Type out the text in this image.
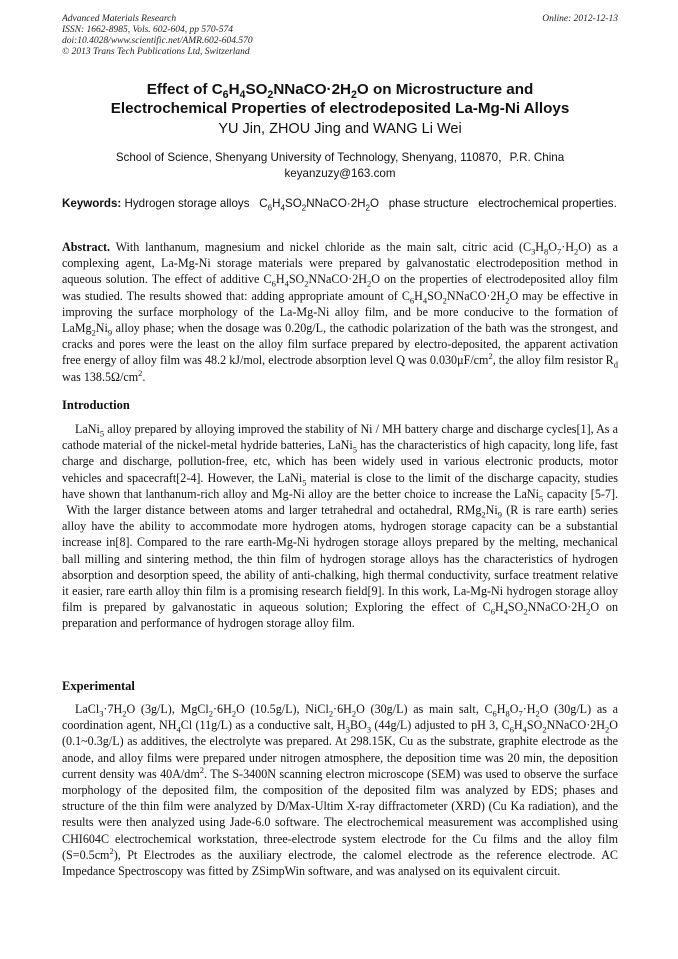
Advanced Materials Research
ISSN: 1662-8985, Vols. 602-604, pp 570-574
doi:10.4028/www.scientific.net/AMR.602-604.570
© 2013 Trans Tech Publications Ltd, Switzerland
Online: 2012-12-13
Effect of $C_6H_4SO_2NNaCO\cdot 2H_2O$ on Microstructure and
Electrochemical Properties of electrodeposited La-Mg-Ni Alloys
YU Jin, ZHOU Jing and WANG Li Wei
School of Science, Shenyang University of Technology, Shenyang, 110870，P.R. China
keyanzuzy@163.com
Keywords: Hydrogen storage alloys   $C_6H_4SO_2NNaCO\cdot 2H_2O$   phase structure   electrochemical properties.
Abstract. With lanthanum, magnesium and nickel chloride as the main salt, citric acid $(C_3H_8O_7\cdot H_2O)$ as a complexing agent, La-Mg-Ni storage materials were prepared by galvanostatic electrodeposition method in aqueous solution. The effect of additive $C_6H_4SO_2NNaCO\cdot 2H_2O$ on the properties of electrodeposited alloy film was studied. The results showed that: adding appropriate amount of $C_6H_4SO_2NNaCO\cdot 2H_2O$ may be effective in improving the surface morphology of the La-Mg-Ni alloy film, and be more conducive to the formation of $LaMg_2Ni_9$ alloy phase; when the dosage was 0.20g/L, the cathodic polarization of the bath was the strongest, and cracks and pores were the least on the alloy film surface prepared by electro-deposited, the apparent activation free energy of alloy film was 48.2 kJ/mol, electrode absorption level Q was $0.030\mu F/cm^2$, the alloy film resistor $R_d$ was $138.5\Omega/cm^2$.
Introduction
LaNi$_5$ alloy prepared by alloying improved the stability of Ni / MH battery charge and discharge cycles[1], As a cathode material of the nickel-metal hydride batteries, LaNi$_5$ has the characteristics of high capacity, long life, fast charge and discharge, pollution-free, etc, which has been widely used in various electronic products, motor vehicles and spacecraft[2-4]. However, the LaNi$_5$ material is close to the limit of the discharge capacity, studies have shown that lanthanum-rich alloy and Mg-Ni alloy are the better choice to increase the LaNi$_5$ capacity [5-7].  With the larger distance between atoms and larger tetrahedral and octahedral, $RMg_2Ni_9$ (R is rare earth) series alloy have the ability to accommodate more hydrogen atoms, hydrogen storage capacity can be a substantial increase in[8]. Compared to the rare earth-Mg-Ni hydrogen storage alloys prepared by the melting, mechanical ball milling and sintering method, the thin film of hydrogen storage alloys has the characteristics of hydrogen absorption and desorption speed, the ability of anti-chalking, high thermal conductivity, surface treatment relative it easier, rare earth alloy thin film is a promising research field[9]. In this work, La-Mg-Ni hydrogen storage alloy film is prepared by galvanostatic in aqueous solution; Exploring the effect of $C_6H_4SO_2NNaCO\cdot 2H_2O$ on preparation and performance of hydrogen storage alloy film.
Experimental
$LaCl_3\cdot 7H_2O$ (3g/L), $MgCl_2\cdot 6H_2O$ (10.5g/L), $NiCl_2\cdot 6H_2O$ (30g/L) as main salt, $C_6H_8O_7\cdot H_2O$ (30g/L) as a coordination agent, $NH_4Cl$ (11g/L) as a conductive salt, $H_3BO_3$ (44g/L) adjusted to pH 3, $C_6H_4SO_2NNaCO\cdot 2H_2O$ (0.1~0.3g/L) as additives, the electrolyte was prepared. At 298.15K, Cu as the substrate, graphite electrode as the anode, and alloy films were prepared under nitrogen atmosphere, the deposition time was 20 min, the deposition current density was $40A/dm^2$. The S-3400N scanning electron microscope (SEM) was used to observe the surface morphology of the deposited film, the composition of the deposited film was analyzed by EDS; phases and structure of the thin film were analyzed by D/Max-Ultim X-ray diffractometer (XRD) (Cu Ka radiation), and the results were then analyzed using Jade-6.0 software. The electrochemical measurement was accomplished using CHI604C electrochemical workstation, three-electrode system electrode for the Cu films and the alloy film $(S=0.5cm^2)$, Pt Electrodes as the auxiliary electrode, the calomel electrode as the reference electrode. AC Impedance Spectroscopy was fitted by ZSimpWin software, and was analysed on its equivalent circuit.
